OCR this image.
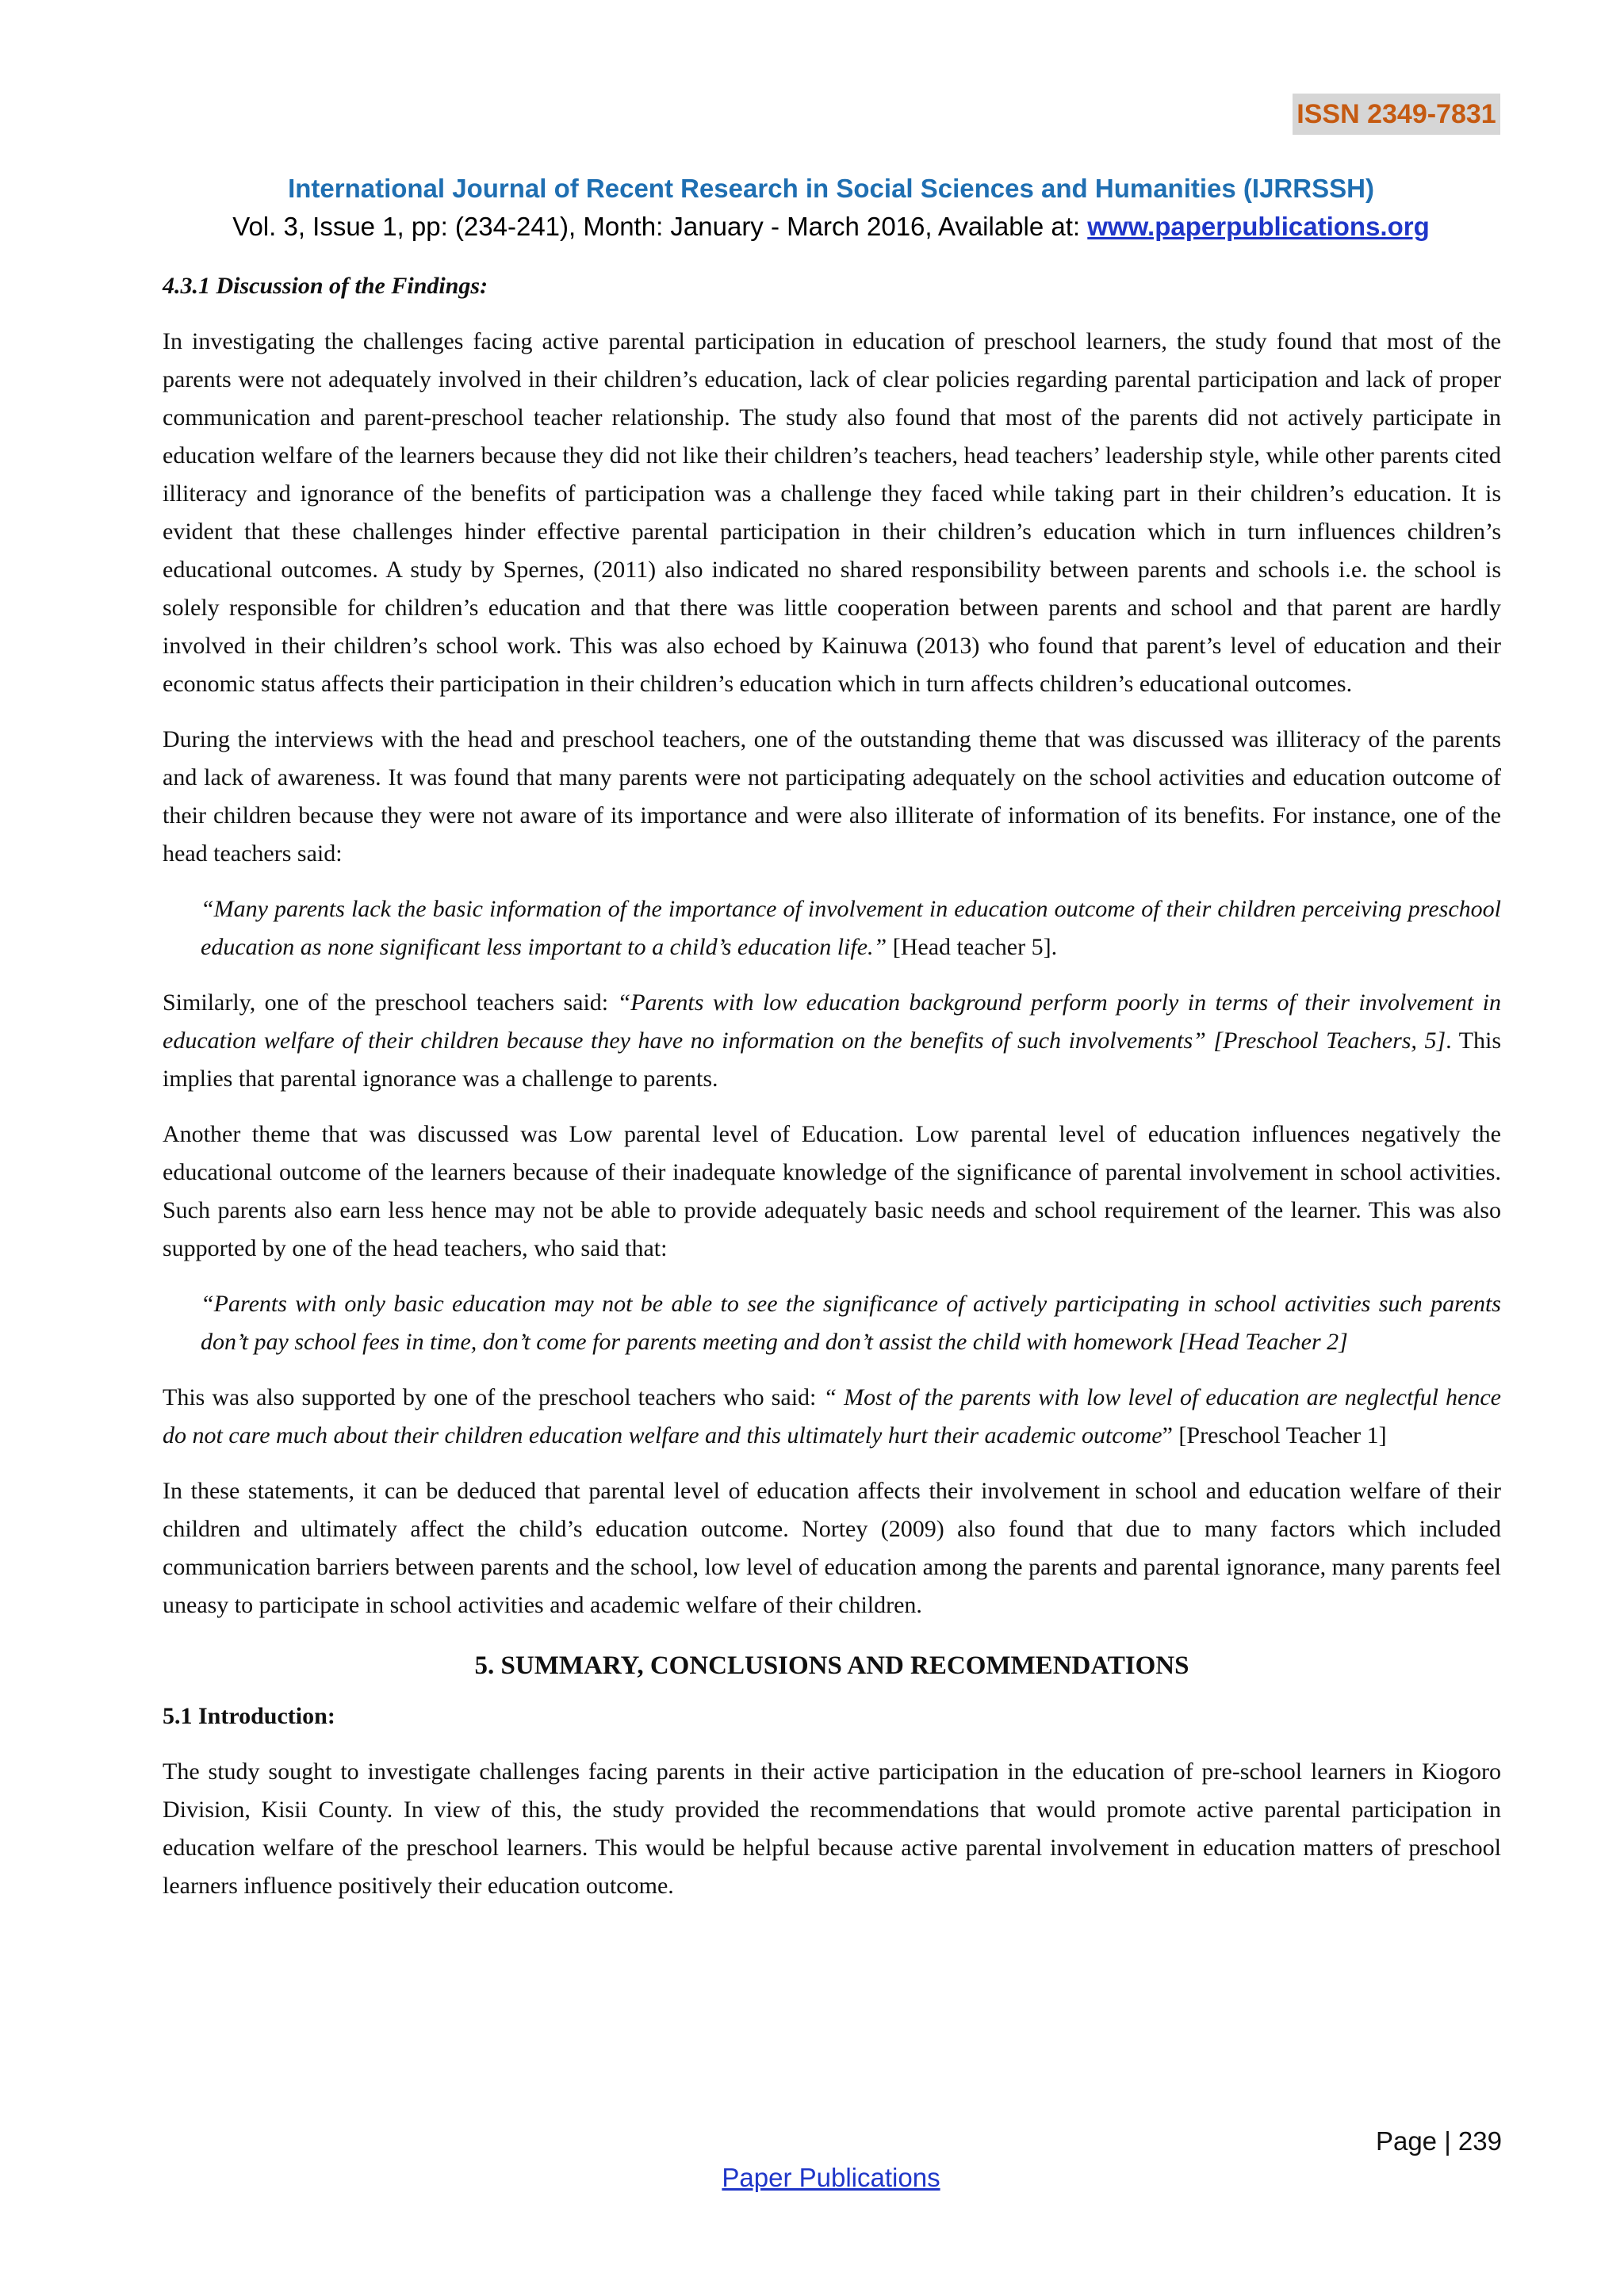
ISSN 2349-7831
International Journal of Recent Research in Social Sciences and Humanities (IJRRSSH)
Vol. 3, Issue 1, pp: (234-241), Month: January - March 2016, Available at: www.paperpublications.org
4.3.1 Discussion of the Findings:

In investigating the challenges facing active parental participation in education of preschool learners, the study found that most of the parents were not adequately involved in their children’s education, lack of clear policies regarding parental participation and lack of proper communication and parent-preschool teacher relationship. The study also found that most of the parents did not actively participate in education welfare of the learners because they did not like their children’s teachers, head teachers’ leadership style, while other parents cited illiteracy and ignorance of the benefits of participation was a challenge they faced while taking part in their children’s education. It is evident that these challenges hinder effective parental participation in their children’s education which in turn influences children’s educational outcomes. A study by Spernes, (2011) also indicated no shared responsibility between parents and schools i.e. the school is solely responsible for children’s education and that there was little cooperation between parents and school and that parent are hardly involved in their children’s school work. This was also echoed by Kainuwa (2013) who found that parent’s level of education and their economic status affects their participation in their children’s education which in turn affects children’s educational outcomes.

During the interviews with the head and preschool teachers, one of the outstanding theme that was discussed was illiteracy of the parents and lack of awareness. It was found that many parents were not participating adequately on the school activities and education outcome of their children because they were not aware of its importance and were also illiterate of information of its benefits. For instance, one of the head teachers said:

“Many parents lack the basic information of the importance of involvement in education outcome of their children perceiving preschool education as none significant less important to a child’s education life.” [Head teacher 5].

Similarly, one of the preschool teachers said: “Parents with low education background perform poorly in terms of their involvement in education welfare of their children because they have no information on the benefits of such involvements” [Preschool Teachers, 5]. This implies that parental ignorance was a challenge to parents.

Another theme that was discussed was Low parental level of Education. Low parental level of education influences negatively the educational outcome of the learners because of their inadequate knowledge of the significance of parental involvement in school activities. Such parents also earn less hence may not be able to provide adequately basic needs and school requirement of the learner. This was also supported by one of the head teachers, who said that:

“Parents with only basic education may not be able to see the significance of actively participating in school activities such parents don’t pay school fees in time, don’t come for parents meeting and don’t assist the child with homework [Head Teacher 2]

This was also supported by one of the preschool teachers who said: “ Most of the parents with low level of education are neglectful hence do not care much about their children education welfare and this ultimately hurt their academic outcome” [Preschool Teacher 1]

In these statements, it can be deduced that parental level of education affects their involvement in school and education welfare of their children and ultimately affect the child’s education outcome. Nortey (2009) also found that due to many factors which included communication barriers between parents and the school, low level of education among the parents and parental ignorance, many parents feel uneasy to participate in school activities and academic welfare of their children.

5. SUMMARY, CONCLUSIONS AND RECOMMENDATIONS
5.1 Introduction:

The study sought to investigate challenges facing parents in their active participation in the education of pre-school learners in Kiogoro Division, Kisii County. In view of this, the study provided the recommendations that would promote active parental participation in education welfare of the preschool learners. This would be helpful because active parental involvement in education matters of preschool learners influence positively their education outcome.

Page | 239
Paper Publications
